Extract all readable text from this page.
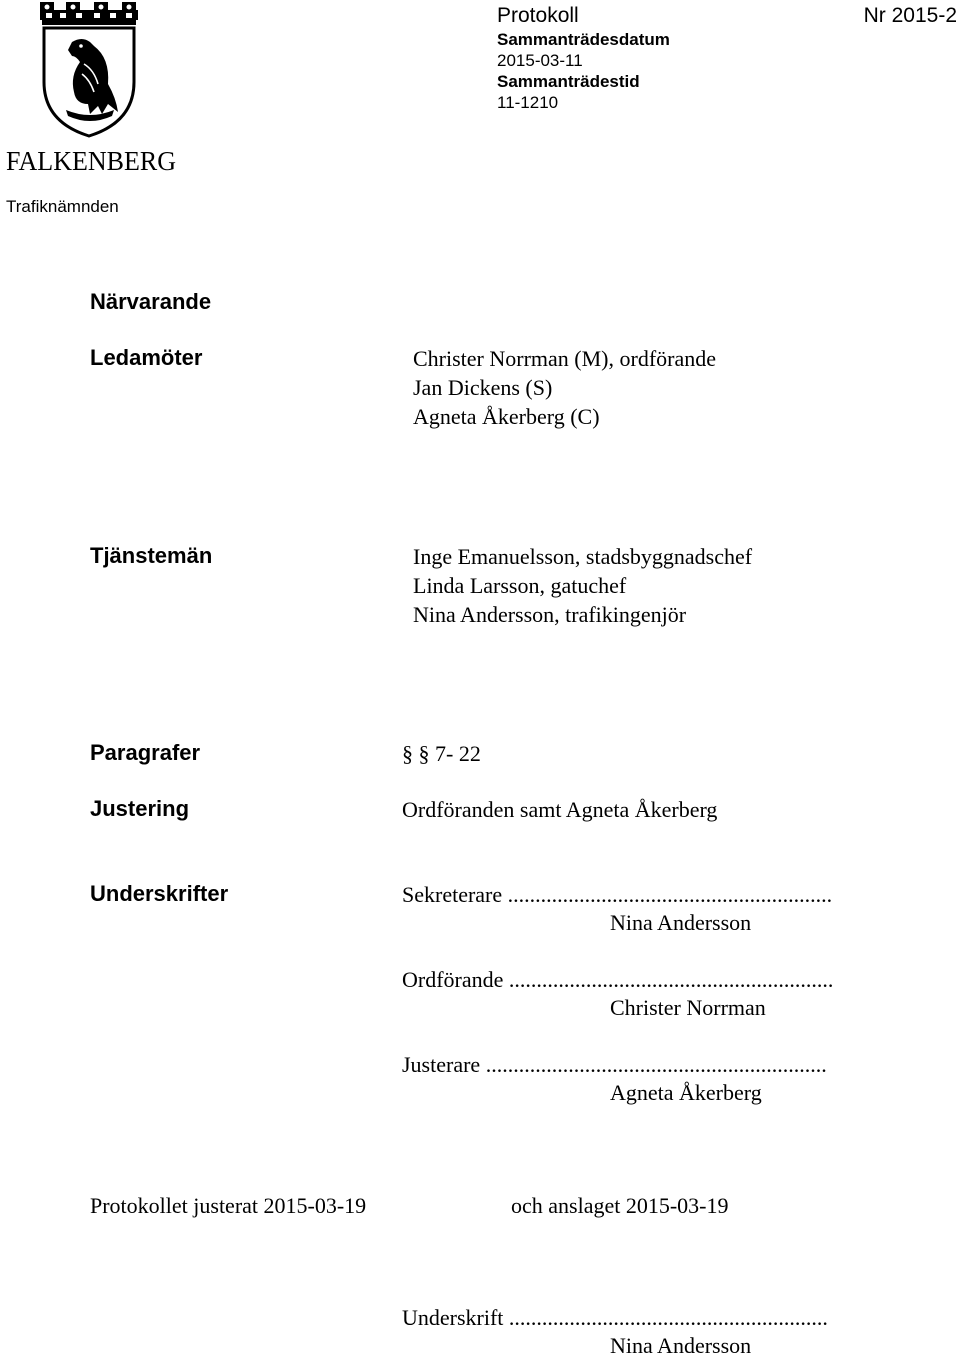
FALKENBERG
Trafiknämnden
Protokoll	Nr 2015-2
Sammanträdesdatum
2015-03-11
Sammanträdestid
11-1210
Närvarande
Ledamöter	Christer Norrman (M), ordförande
Jan Dickens (S)
Agneta Åkerberg (C)
Tjänstemän	Inge Emanuelsson, stadsbyggnadschef
Linda Larsson, gatuchef
Nina Andersson, trafikingenjör
Paragrafer	§ § 7- 22
Justering	Ordföranden samt Agneta Åkerberg
Underskrifter	Sekreterare ...........................................................
Nina Andersson
Ordförande ...........................................................
Christer Norrman
Justerare ..............................................................
Agneta Åkerberg
Protokollet justerat 2015-03-19	och anslaget 2015-03-19
Underskrift ..........................................................
Nina Andersson
